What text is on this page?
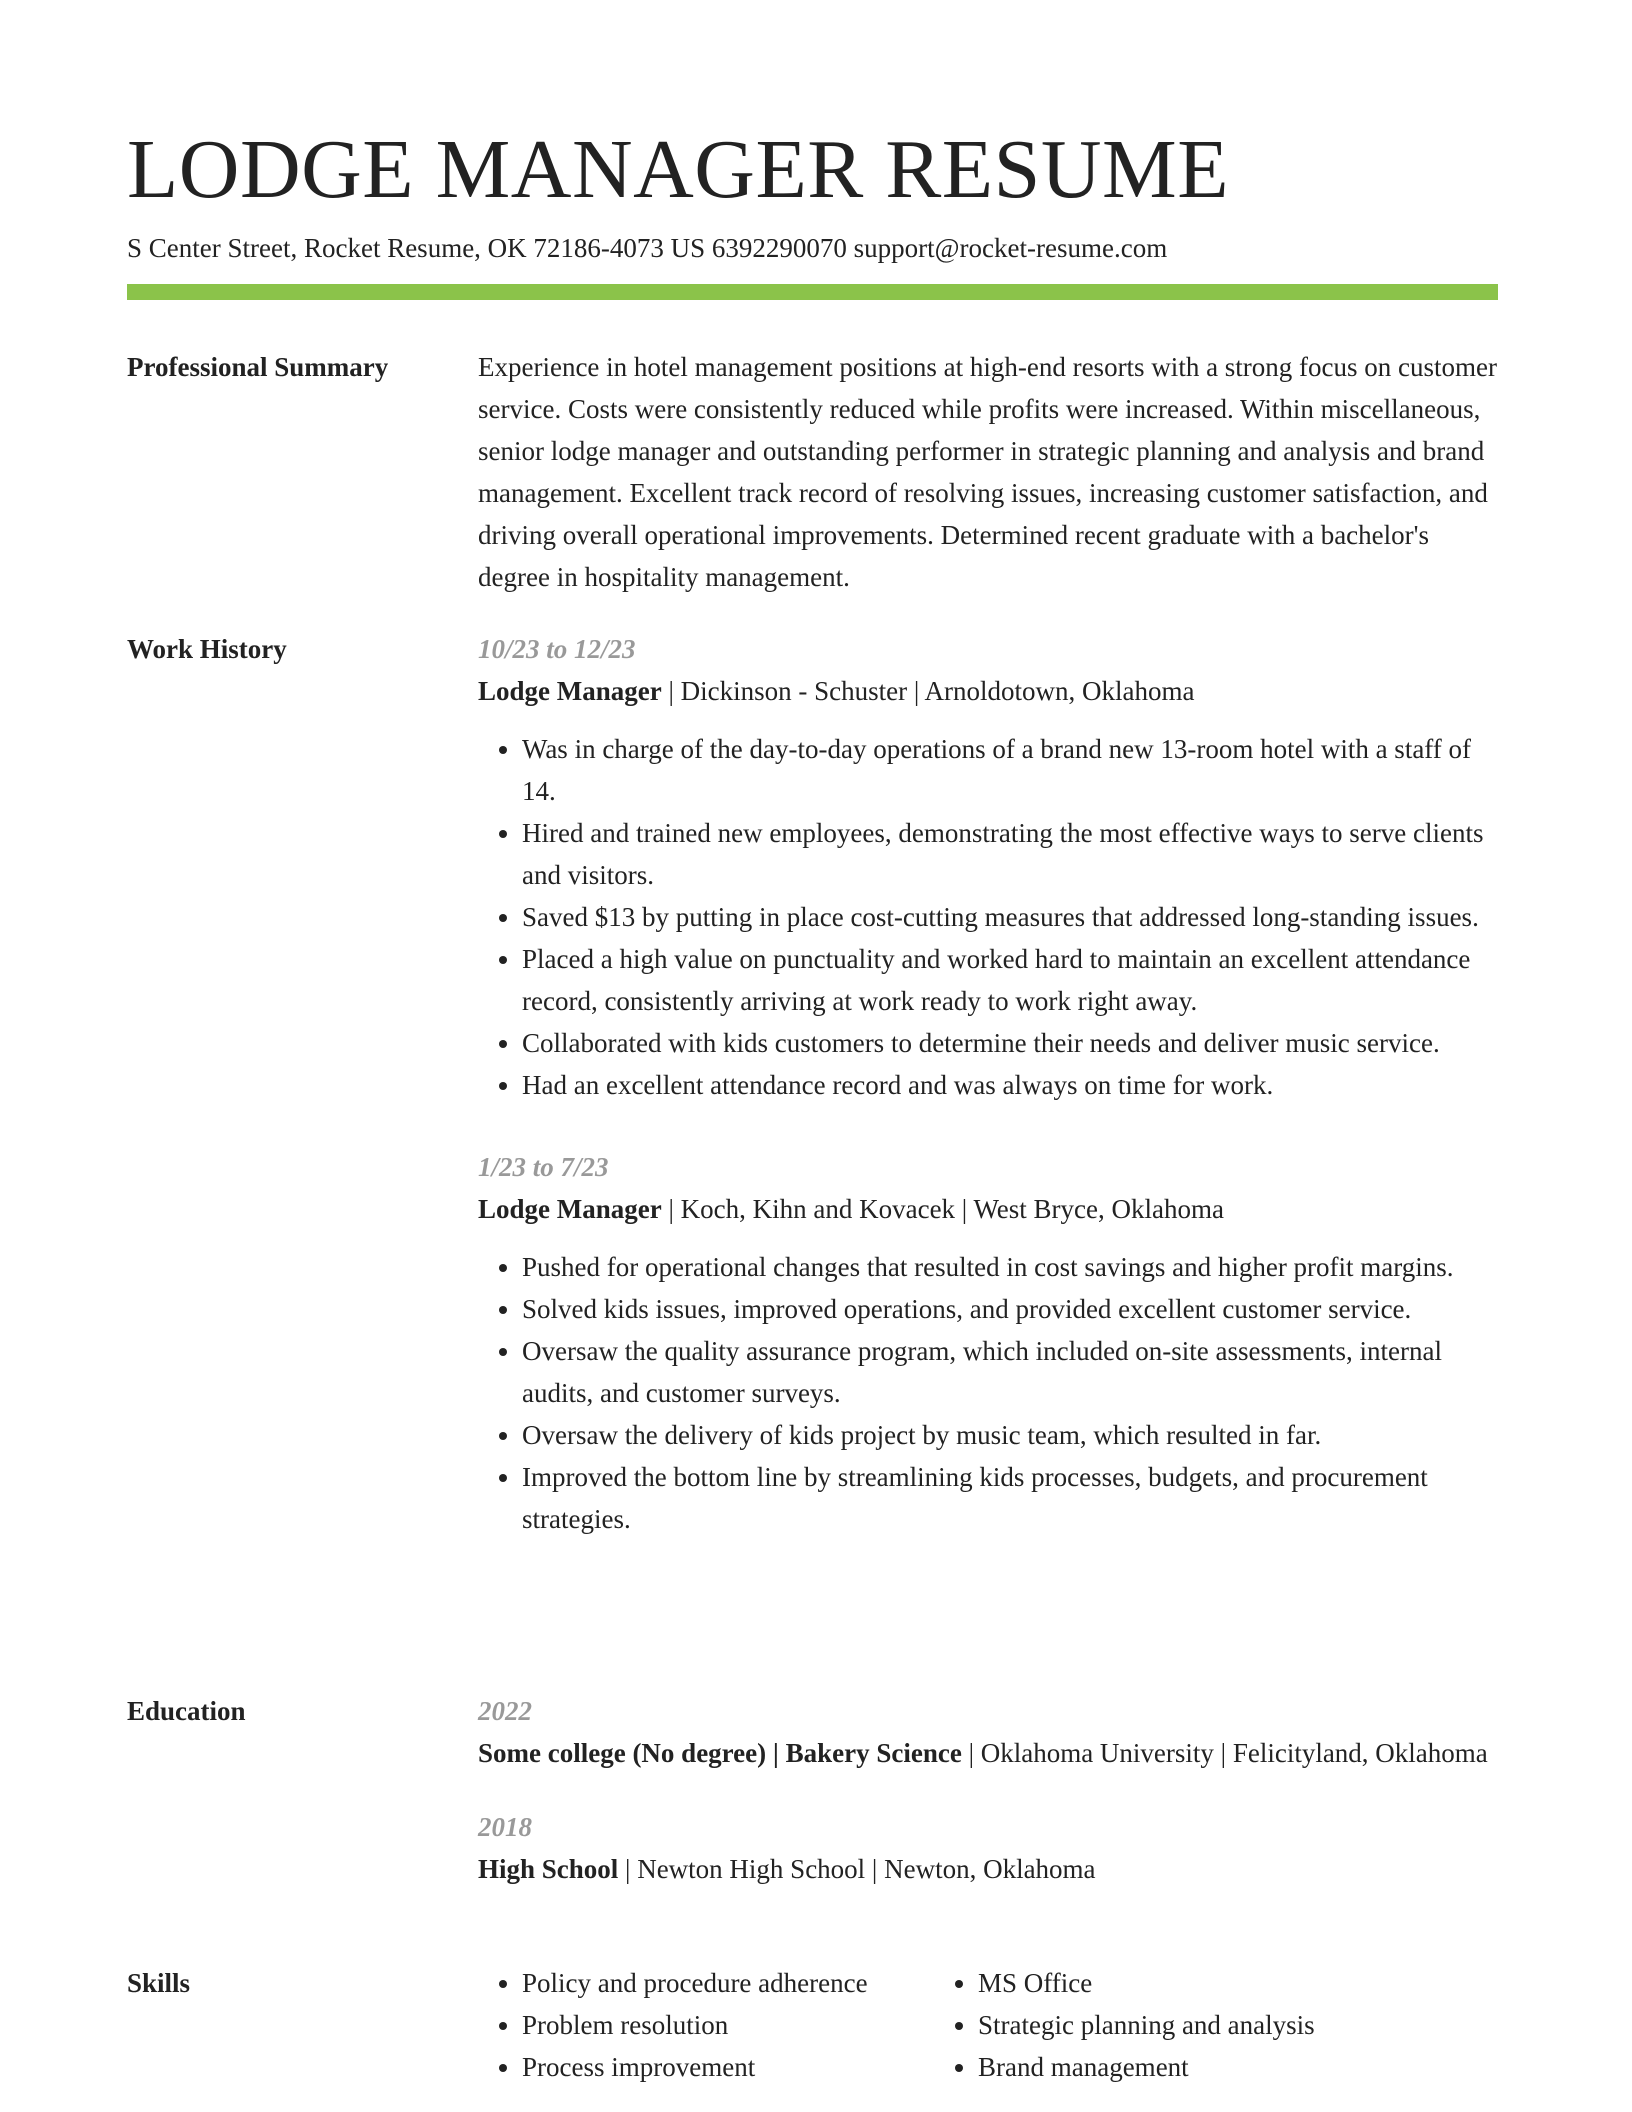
LODGE MANAGER RESUME
S Center Street, Rocket Resume, OK 72186-4073 US 6392290070 support@rocket-resume.com
Professional Summary	Experience in hotel management positions at high-end resorts with a strong focus on customer service. Costs were consistently reduced while profits were increased. Within miscellaneous, senior lodge manager and outstanding performer in strategic planning and analysis and brand management. Excellent track record of resolving issues, increasing customer satisfaction, and driving overall operational improvements. Determined recent graduate with a bachelor's degree in hospitality management.

Work History	10/23 to 12/23

Lodge Manager | Dickinson - Schuster | Arnoldotown, Oklahoma

• Was in charge of the day-to-day operations of a brand new 13-room hotel with a staff of 14.
• Hired and trained new employees, demonstrating the most effective ways to serve clients and visitors.
• Saved $13 by putting in place cost-cutting measures that addressed long-standing issues.
• Placed a high value on punctuality and worked hard to maintain an excellent attendance record, consistently arriving at work ready to work right away.
• Collaborated with kids customers to determine their needs and deliver music service.
• Had an excellent attendance record and was always on time for work.

1/23 to 7/23

Lodge Manager | Koch, Kihn and Kovacek | West Bryce, Oklahoma

• Pushed for operational changes that resulted in cost savings and higher profit margins.
• Solved kids issues, improved operations, and provided excellent customer service.
• Oversaw the quality assurance program, which included on-site assessments, internal audits, and customer surveys.
• Oversaw the delivery of kids project by music team, which resulted in far.
• Improved the bottom line by streamlining kids processes, budgets, and procurement strategies.
Education	2022

Some college (No degree) | Bakery Science | Oklahoma University | Felicityland, Oklahoma

2018

High School | Newton High School | Newton, Oklahoma

Skills
•	Policy and procedure adherence
• Problem resolution
• Process improvement
• MS Office
• Strategic planning and analysis
• Brand management
